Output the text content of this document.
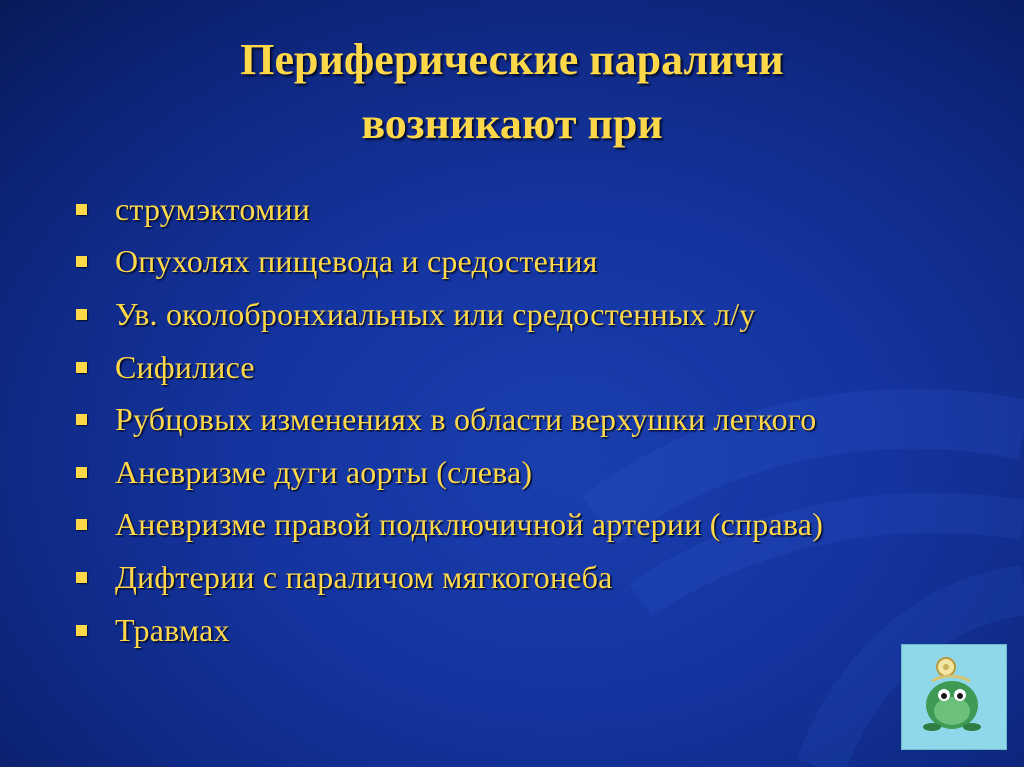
Периферические параличи
возникают при
струмэктомии
Опухолях пищевода и средостения
Ув. околобронхиальных или средостенных л/у
Сифилисе
Рубцовых изменениях в области верхушки легкого
Аневризме дуги аорты (слева)
Аневризме правой подключичной артерии (справа)
Дифтерии с параличом мягкогонеба
Травмах
